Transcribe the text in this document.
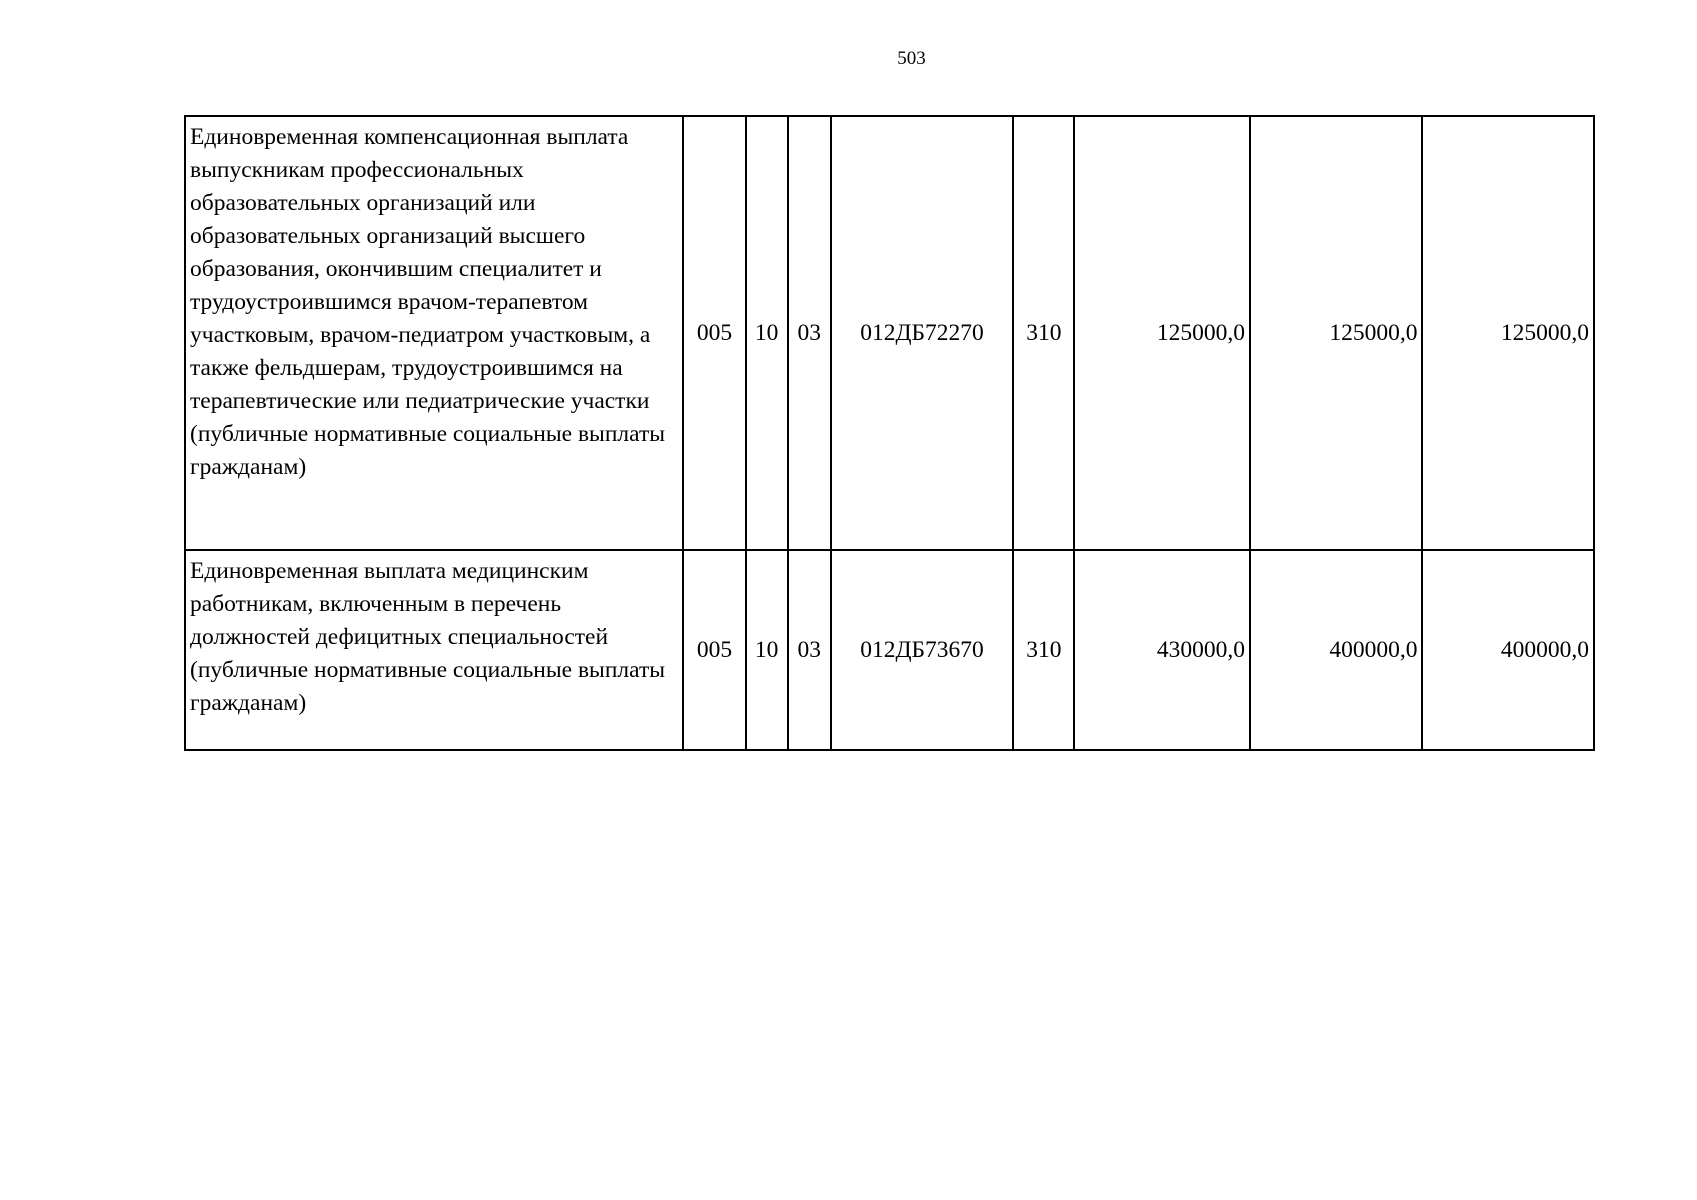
503
Единовременная компенсационная выплата выпускникам профессиональных образовательных организаций или образовательных организаций высшего образования, окончившим специалитет и трудоустроившимся врачом-терапевтом участковым, врачом-педиатром участковым, а также фельдшерам, трудоустроившимся на терапевтические или педиатрические участки (публичные нормативные социальные выплаты гражданам)	005	10	03	012ДБ72270	310	125000,0	125000,0	125000,0
Единовременная выплата медицинским работникам, включенным в перечень должностей дефицитных специальностей (публичные нормативные социальные выплаты гражданам)	005	10	03	012ДБ73670	310	430000,0	400000,0	400000,0
